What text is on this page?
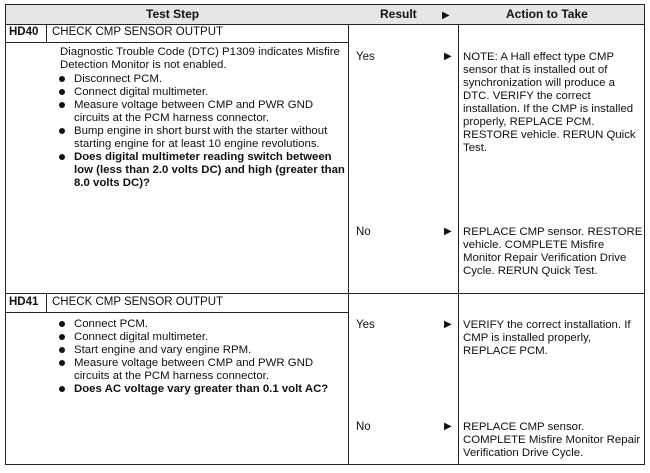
Test Step	Result	▶	Action to Take
HD40	CHECK CMP SENSOR OUTPUT
Diagnostic Trouble Code (DTC) P1309 indicates Misfire Detection Monitor is not enabled.
Disconnect PCM.
Connect digital multimeter.
Measure voltage between CMP and PWR GND circuits at the PCM harness connector.
Bump engine in short burst with the starter without starting engine for at least 10 engine revolutions.
Does digital multimeter reading switch between low (less than 2.0 volts DC) and high (greater than 8.0 volts DC)?
Yes	▶ NOTE: A Hall effect type CMP sensor that is installed out of synchronization will produce a DTC. VERIFY the correct installation. If the CMP is installed properly, REPLACE PCM. RESTORE vehicle. RERUN Quick Test.
No	▶ REPLACE CMP sensor. RESTORE vehicle. COMPLETE Misfire Monitor Repair Verification Drive Cycle. RERUN Quick Test.
HD41	CHECK CMP SENSOR OUTPUT
Connect PCM.
Connect digital multimeter.
Start engine and vary engine RPM.
Measure voltage between CMP and PWR GND circuits at the PCM harness connector.
Does AC voltage vary greater than 0.1 volt AC?
Yes	▶ VERIFY the correct installation. If CMP is installed properly, REPLACE PCM.
No	▶ REPLACE CMP sensor. COMPLETE Misfire Monitor Repair Verification Drive Cycle.
